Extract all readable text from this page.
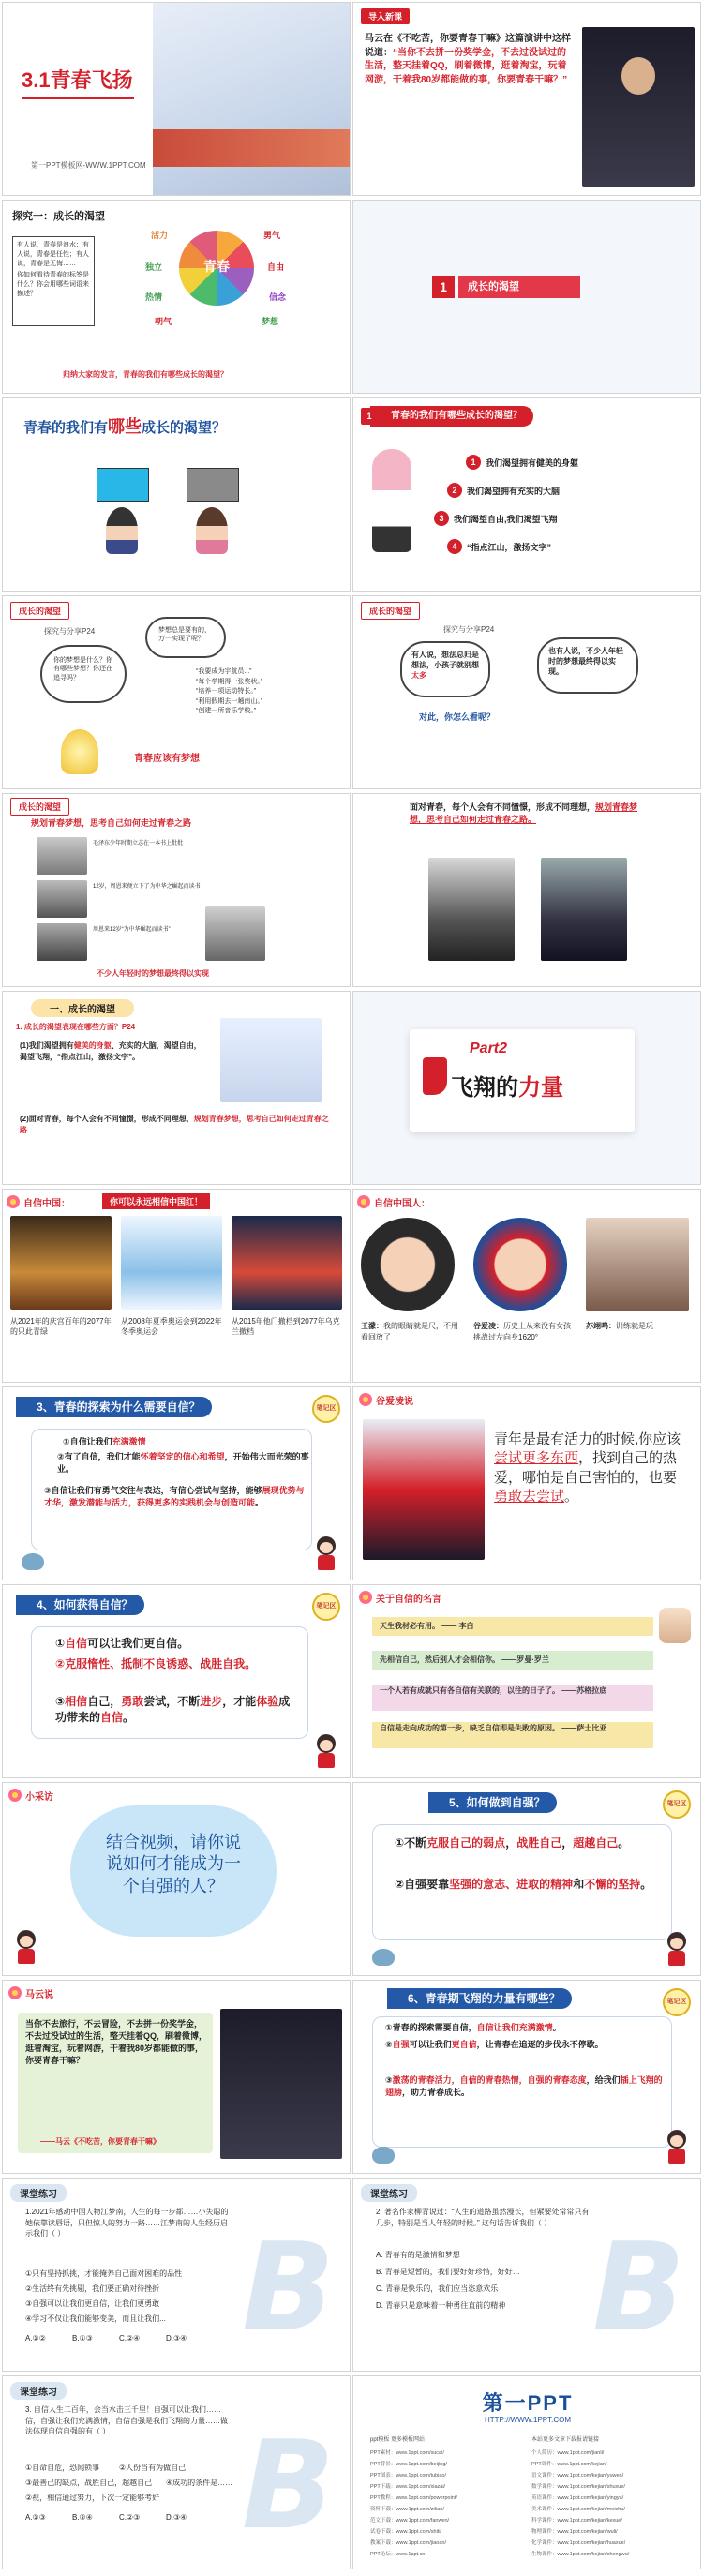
3.1青春飞扬
第一PPT模板网-WWW.1PPT.COM
导入新课
马云在《不吃苦，你要青春干嘛》这篇演讲中这样说道：“当你不去拼一份奖学金，不去过没试过的生活，整天挂着QQ，刷着微博，逛着淘宝，玩着网游，干着我80岁都能做的事，你要青春干嘛？”
探究一：成长的渴望
有人说，青春是浪水；有人说，青春是任性；有人说，青春是无悔……
你如何看待青春的标签是什么？你会用哪些词语来描述？
青春
勇气
活力
自由
独立
信念
热情
梦想
朝气
归纳大家的发言，青春的我们有哪些成长的渴望？
1	成长的渴望
青春的我们有哪些成长的渴望？
青春的我们有哪些成长的渴望？
1
1	我们渴望拥有健美的身躯
2	我们渴望拥有充实的大脑
3	我们渴望自由,我们渴望飞翔
4	“指点江山，激扬文字”
成长的渴望
探究与分享P24
你的梦想是什么？你有哪些梦想？你还在追寻吗？
梦想总是要有的，万一实现了呢？
“我要成为宇航员...”
“每个学期得一张奖状。”
“培养一项运动特长。”
“利用假期去一趟南山。”
“创建一所音乐学校。”
青春应该有梦想
成长的渴望
探究与分享P24
有人说，想法总归是想法，小孩子就别想太多
也有人说，不少人年轻时的梦想最终得以实现。
对此，你怎么看呢？
成长的渴望
规划青春梦想，思考自己如何走过青春之路
毛泽东少年时期立志在一本书上批批
12岁，周恩来便立下了为中华之崛起而读书
周恩来12岁“为中华崛起而读书”
不少人年轻时的梦想最终得以实现
面对青春，每个人会有不同憧憬，形成不同理想，规划青春梦想，思考自己如何走过青春之路。
一、成长的渴望
1. 成长的渴望表现在哪些方面？P24
(1)我们渴望拥有健美的身躯、充实的大脑，渴望自由，渴望飞翔，“指点江山，激扬文字”。
(2)面对青春，每个人会有不同憧憬，形成不同理想，规划青春梦想，思考自己如何走过青春之路
Part2
飞翔的力量
自信中国：	你可以永远相信中国红！
从2021年的庆宫百年的2077年的只此青绿
从2008年夏季奥运会到2022年冬季奥运会
从2015年他门撤档到2077年乌克兰撤档
自信中国人：
王濛：我的眼睛就是尺，不用看回放了
谷爱凌：历史上从来没有女孩挑战过左向身1620°
苏翊鸣：训练就是玩
3、青春的探索为什么需要自信？	笔记区
①自信让我们充满激情
②有了自信，我们才能怀着坚定的信心和希望，开始伟大而光荣的事业。
③自信让我们有勇气交往与表达，有信心尝试与坚持，能够展现优势与才华，激发潜能与活力，获得更多的实践机会与创造可能。
谷爱凌说
青年是最有活力的时候,你应该尝试更多东西，找到自己的热爱，哪怕是自己害怕的，也要勇敢去尝试。
4、如何获得自信？	笔记区
①自信可以让我们更自信。
②克服惰性、抵制不良诱惑、战胜自我。
③相信自己，勇敢尝试，不断进步，才能体验成功带来的自信。
关于自信的名言
天生我材必有用。 —— 李白
先相信自己，然后别人才会相信你。 ——罗曼·罗兰
一个人若有成就只有各自信有关联的，以往的日子了。 ——苏格拉底
自信是走向成功的第一步，缺乏自信即是失败的原因。 ——萨士比亚
小采访
结合视频，请你说说如何才能成为一个自强的人？
5、如何做到自强？	笔记区
①不断克服自己的弱点，战胜自己，超越自己。
②自强要靠坚强的意志、进取的精神和不懈的坚持。
马云说
当你不去旅行，不去冒险，不去拼一份奖学金，不去过没试过的生活，整天挂着QQ，刷着微博，逛着淘宝，玩着网游，干着我80岁都能做的事，你要青春干嘛？
——马云《不吃苦，你要青春干嘛》
6、青春期飞翔的力量有哪些？	笔记区
①青春的探索需要自信，自信让我们充满激情。
②自强可以让我们更自信，让青春在追逐的步伐永不停歇。
③激荡的青春活力，自信的青春热情，自强的青春态度，给我们插上飞翔的翅膀，助力青春成长。
B
课堂练习
1.2021年感动中国人物江梦南，人生的每一步都……小失聪的她依靠读唇语，只但惊人的努力一路……江梦南的人生经历启示我们（ ）
①只有坚持抓挑，才能掩养自己面对困难的品性
②生活终有先挑剔，我们要正确对待挫折
③自强可以让我们更自信，让我们更勇敢
④学习不仅让我们能够变美，而且让我们...
A.①②	B.①③	C.②④	D.③④	B
课堂练习
2. 著名作家柳青说过：“人生的道路虽然漫长，但紧要处常常只有几步，特别是当人年轻的时候。” 这句话告诉我们（ ）
A. 青春有的是激情和梦想
B. 青春是短暂的，我们要好好珍惜，好好…
C. 青春是快乐的，我们应当恣意欢乐
D. 青春只是意味着一种勇往直前的精神
B
课堂练习
3. 自信人生二百年，会当水击三千里！自强可以让我们……信，自强让我们充满激情，自信自强是我们飞翔的力量……做法体现自信自强的有（ ）
①自命自危，恐闻锁事	②人份当有为做自己
③最善己的缺点，战胜自己，超越自己 ④成功的条件是……
②视，相信通过努力，下次一定能够考好
A.①③	B.②④	C.②③	D.③④
第一PPT
HTTP://WWW.1PPT.COM
ppt模板 更多模板网站	本站更多文章下载报请链接
PPT素材：www.1ppt.com/sucai/
PPT背景：www.1ppt.com/beijing/
PPT图表：www.1ppt.com/tubiao/
PPT下载：www.1ppt.com/xiazai/
PPT教程：www.1ppt.com/powerpoint/
资料下载：www.1ppt.com/ziliao/
范文下载：www.1ppt.com/fanwen/
试卷下载：www.1ppt.com/shiti/
教案下载：www.1ppt.com/jiaoan/
PPT论坛：www.1ppt.cn
个人简历：www.1ppt.com/jianli/
PPT课件：www.1ppt.com/kejian/
语文课件：www.1ppt.com/kejian/yuwen/
数学课件：www.1ppt.com/kejian/shuxue/
英语课件：www.1ppt.com/kejian/yingyu/
美术课件：www.1ppt.com/kejian/meishu/
科学课件：www.1ppt.com/kejian/kexue/
物理课件：www.1ppt.com/kejian/wuli/
化学课件：www.1ppt.com/kejian/huaxue/
生物课件：www.1ppt.com/kejian/shengwu/
